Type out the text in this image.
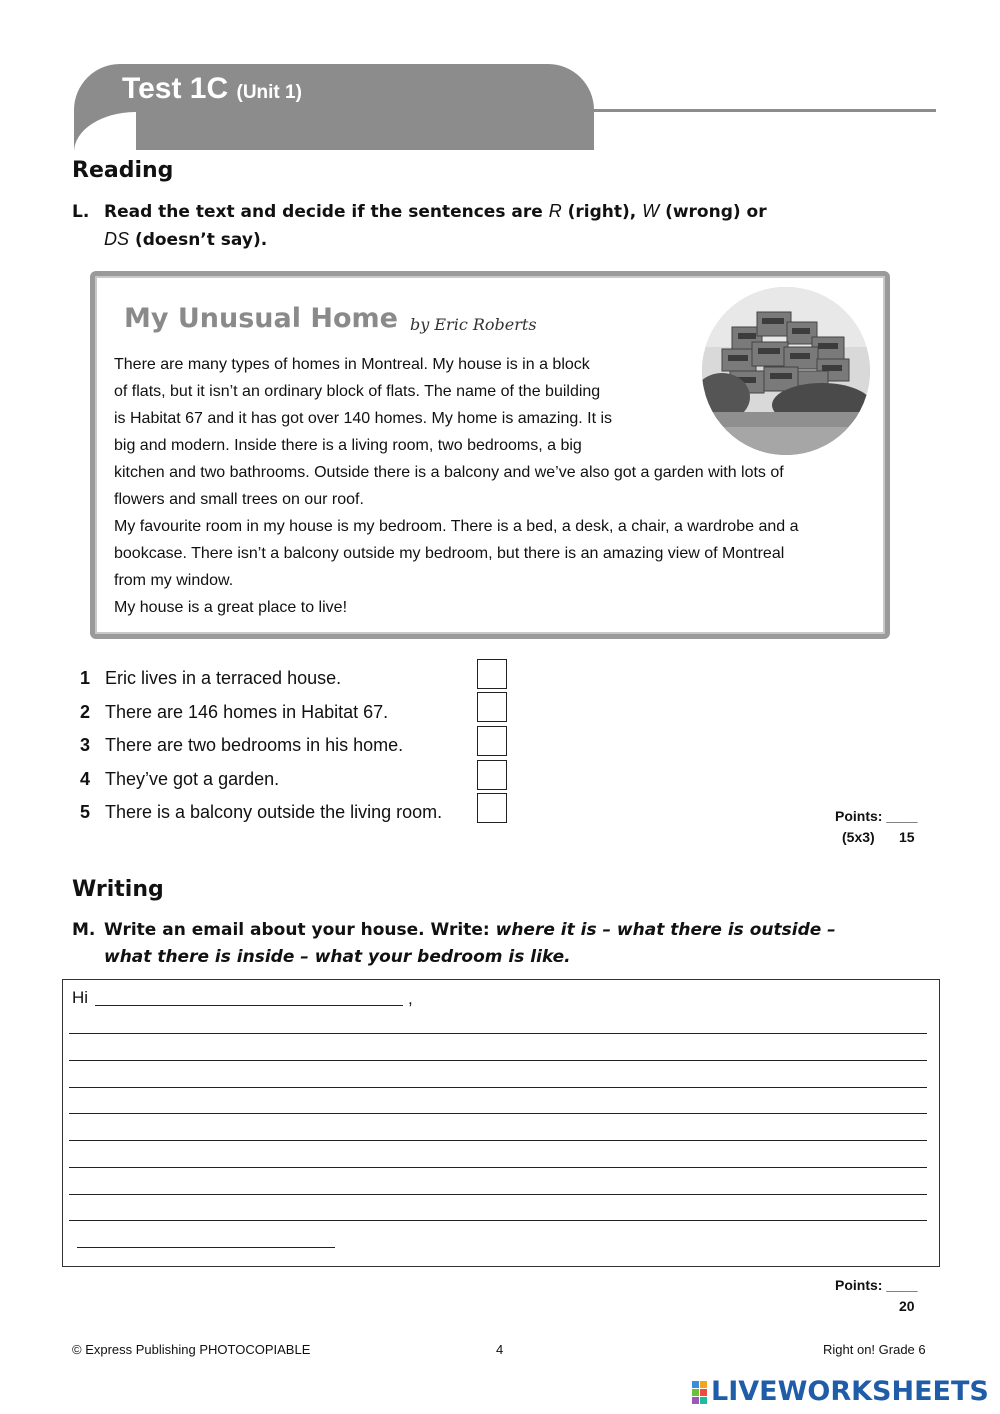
Test 1C (Unit 1)
Reading
L. Read the text and decide if the sentences are R (right), W (wrong) or
DS (doesn’t say).
My Unusual Home by Eric Roberts
There are many types of homes in Montreal. My house is in a block
of flats, but it isn’t an ordinary block of flats. The name of the building
is Habitat 67 and it has got over 140 homes. My home is amazing. It is
big and modern. Inside there is a living room, two bedrooms, a big
kitchen and two bathrooms. Outside there is a balcony and we’ve also got a garden with lots of
flowers and small trees on our roof.
My favourite room in my house is my bedroom. There is a bed, a desk, a chair, a wardrobe and a
bookcase. There isn’t a balcony outside my bedroom, but there is an amazing view of Montreal
from my window.
My house is a great place to live!
1 Eric lives in a terraced house.
2 There are 146 homes in Habitat 67.
3 There are two bedrooms in his home.
4 They’ve got a garden.
5 There is a balcony outside the living room.	Points: ____
(5x3) 15
Writing
M. Write an email about your house. Write: where it is – what there is outside –
what there is inside – what your bedroom is like.
Hi	,
Points: ____
20
© Express Publishing PHOTOCOPIABLE	4	Right on! Grade 6
LIVEWORKSHEETS
